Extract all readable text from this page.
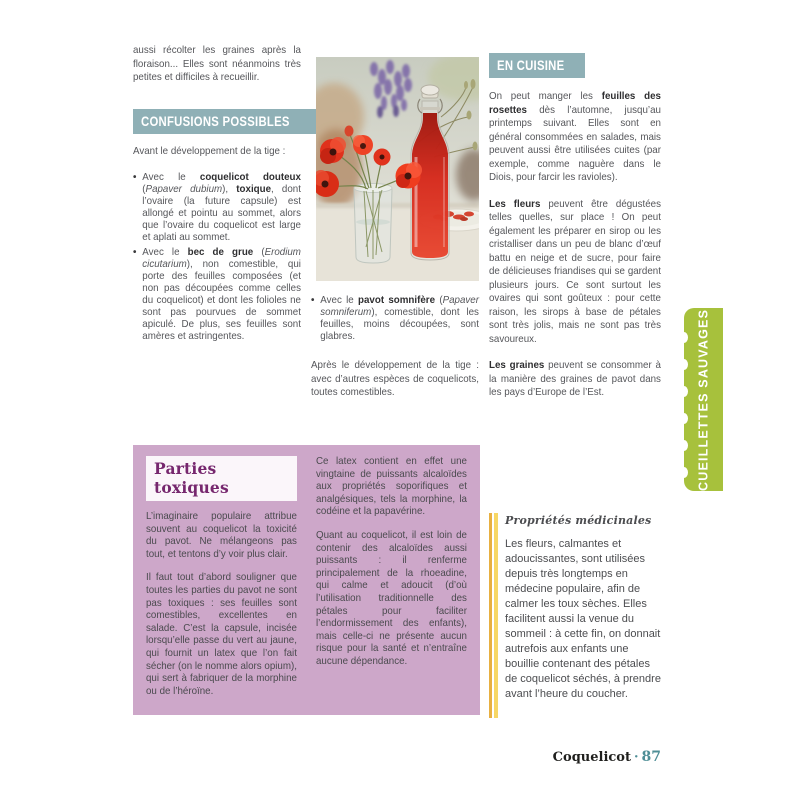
aussi récolter les graines après la floraison... Elles sont néanmoins très petites et difficiles à recueillir.

CONFUSIONS POSSIBLES

Avant le développement de la tige :

• Avec le coquelicot douteux (Papaver dubium), toxique, dont l’ovaire (la future capsule) est allongé et pointu au sommet, alors que l’ovaire du coquelicot est large et aplati au sommet.
• Avec le bec de grue (Erodium cicutarium), non comestible, qui porte des feuilles composées (et non pas découpées comme celles du coquelicot) et dont les folioles ne sont pas pourvues de sommet apiculé. De plus, ses feuilles sont amères et astringentes.
• Avec le pavot somnifère (Papaver somniferum), comestible, dont les feuilles, moins découpées, sont glabres.

Après le développement de la tige : avec d’autres espèces de coquelicots, toutes comestibles.

Parties toxiques

L’imaginaire populaire attribue souvent au coquelicot la toxicité du pavot. Ne mélangeons pas tout, et tentons d’y voir plus clair.

Il faut tout d’abord souligner que toutes les parties du pavot ne sont pas toxiques : ses feuilles sont comestibles, excellentes en salade. C’est la capsule, incisée lorsqu’elle passe du vert au jaune, qui fournit un latex que l’on fait sécher (on le nomme alors opium), qui sert à fabriquer de la morphine ou de l’héroïne.

Ce latex contient en effet une vingtaine de puissants alcaloïdes aux propriétés soporifiques et analgésiques, tels la morphine, la codéine et la papavérine.

Quant au coquelicot, il est loin de contenir des alcaloïdes aussi puissants : il renferme principalement de la rhoeadine, qui calme et adoucit (d’où l’utilisation traditionnelle des pétales pour faciliter l’endormissement des enfants), mais celle-ci ne présente aucun risque pour la santé et n’entraîne aucune dépendance.

EN CUISINE

On peut manger les feuilles des rosettes dès l’automne, jusqu’au printemps suivant. Elles sont en général consommées en salades, mais peuvent aussi être utilisées cuites (par exemple, comme naguère dans le Diois, pour farcir les ravioles).

Les fleurs peuvent être dégustées telles quelles, sur place ! On peut également les préparer en sirop ou les cristalliser dans un peu de blanc d’œuf battu en neige et de sucre, pour faire de délicieuses friandises qui se gardent plusieurs jours. Ce sont surtout les ovaires qui sont goûteux : pour cette raison, les sirops à base de pétales sont très jolis, mais ne sont pas très savoureux.

Les graines peuvent se consommer à la manière des graines de pavot dans les pays d’Europe de l’Est.

Propriétés médicinales

Les fleurs, calmantes et adoucissantes, sont utilisées depuis très longtemps en médecine populaire, afin de calmer les toux sèches. Elles facilitent aussi la venue du sommeil : à cette fin, on donnait autrefois aux enfants une bouillie contenant des pétales de coquelicot séchés, à prendre avant l’heure du coucher.

CUEILLETTES SAUVAGES
Coquelicot · 87
